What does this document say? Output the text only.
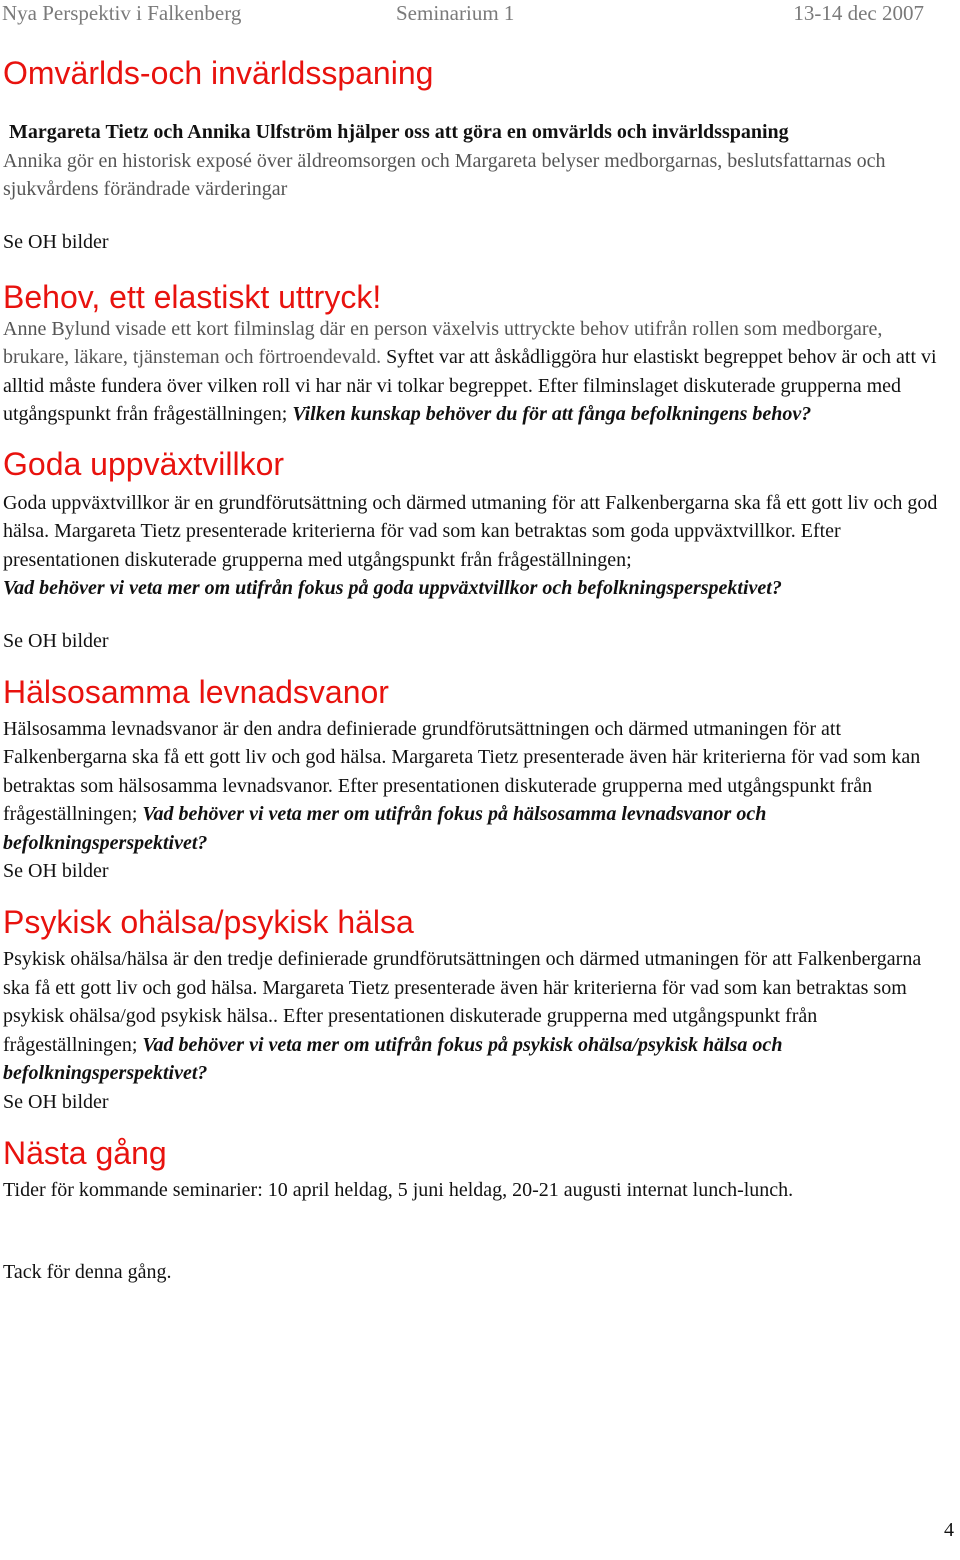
Nya Perspektiv i Falkenberg	Seminarium 1	13-14 dec 2007
Omvärlds-och invärldsspaning

Margareta Tietz och Annika Ulfström hjälper oss att göra en omvärlds och invärldsspaning

Annika gör en historisk exposé över äldreomsorgen och Margareta belyser medborgarnas, beslutsfattarnas och sjukvårdens förändrade värderingar

Se OH bilder
Behov, ett elastiskt uttryck!

Anne Bylund visade ett kort filminslag där en person växelvis uttryckte behov utifrån rollen som medborgare, brukare, läkare, tjänsteman och förtroendevald. Syftet var att åskådliggöra hur elastiskt begreppet behov är och att vi alltid måste fundera över vilken roll vi har när vi tolkar begreppet. Efter filminslaget diskuterade grupperna med utgångspunkt från frågeställningen; Vilken kunskap behöver du för att fånga befolkningens behov?

Goda uppväxtvillkor

Goda uppväxtvillkor är en grundförutsättning och därmed utmaning för att Falkenbergarna ska få ett gott liv och god hälsa. Margareta Tietz presenterade kriterierna för vad som kan betraktas som goda uppväxtvillkor. Efter presentationen diskuterade grupperna med utgångspunkt från frågeställningen;

Vad behöver vi veta mer om utifrån fokus på goda uppväxtvillkor och befolkningsperspektivet?

Se OH bilder
Hälsosamma levnadsvanor

Hälsosamma levnadsvanor är den andra definierade grundförutsättningen och därmed utmaningen för att Falkenbergarna ska få ett gott liv och god hälsa. Margareta Tietz presenterade även här kriterierna för vad som kan betraktas som hälsosamma levnadsvanor. Efter presentationen diskuterade grupperna med utgångspunkt från frågeställningen; Vad behöver vi veta mer om utifrån fokus på hälsosamma levnadsvanor och befolkningsperspektivet?

Se OH bilder
Psykisk ohälsa/psykisk hälsa

Psykisk ohälsa/hälsa är den tredje definierade grundförutsättningen och därmed utmaningen för att Falkenbergarna ska få ett gott liv och god hälsa. Margareta Tietz presenterade även här kriterierna för vad som kan betraktas som psykisk ohälsa/god psykisk hälsa.. Efter presentationen diskuterade grupperna med utgångspunkt från frågeställningen; Vad behöver vi veta mer om utifrån fokus på psykisk ohälsa/psykisk hälsa och befolkningsperspektivet?

Se OH bilder
Nästa gång

Tider för kommande seminarier: 10 april heldag, 5 juni heldag, 20-21 augusti internat lunch-lunch.

Tack för denna gång.

4
